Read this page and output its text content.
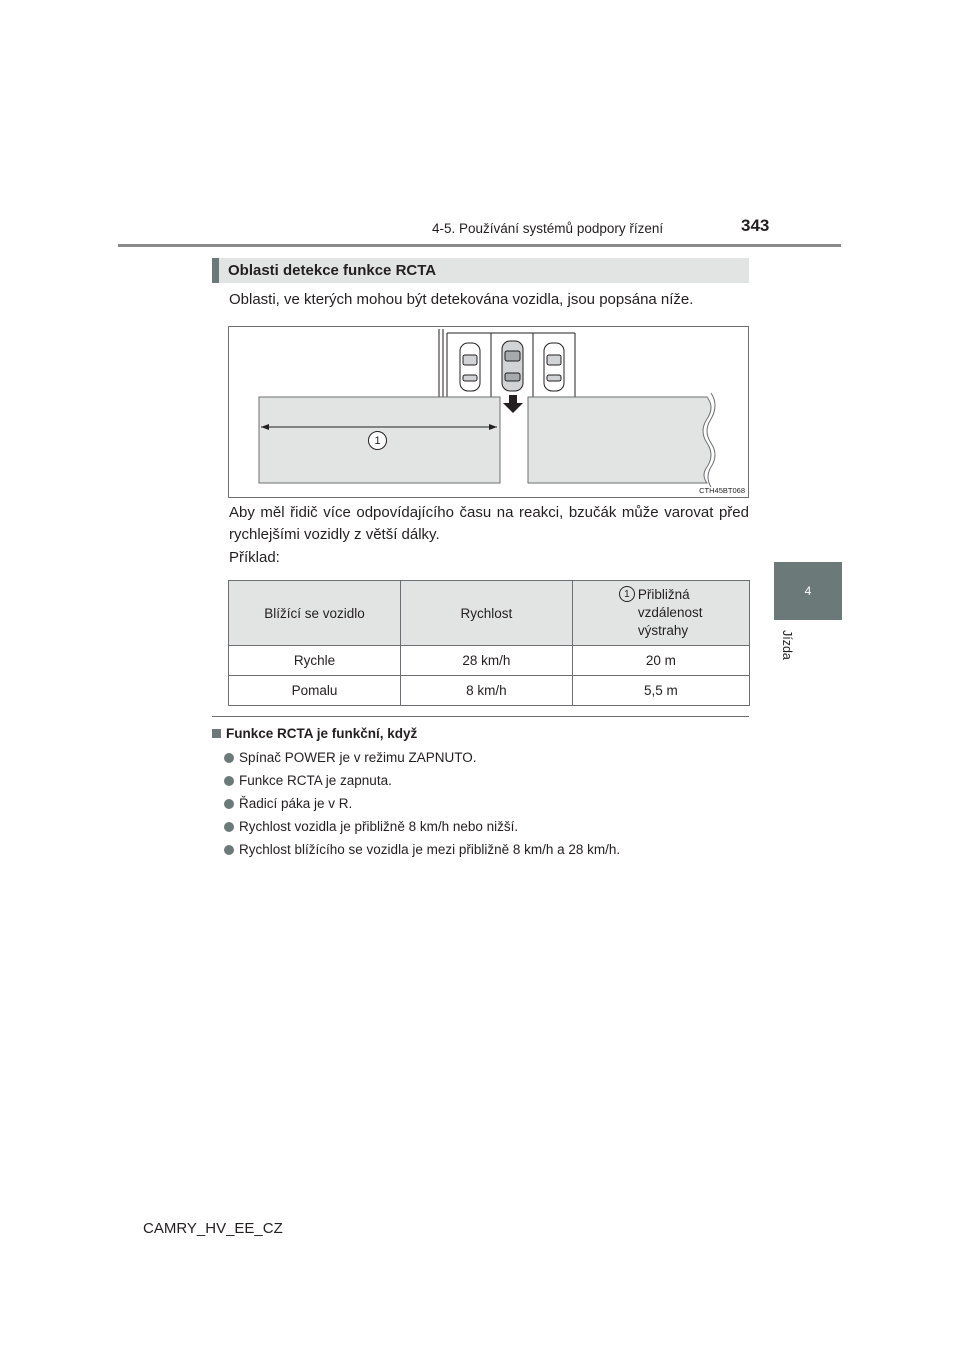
4-5. Používání systémů podpory řízení	343
4
Jízda
Oblasti detekce funkce RCTA
Oblasti, ve kterých mohou být detekována vozidla, jsou popsána níže.
1
CTH45BT068
Aby měl řidič více odpovídajícího času na reakci, bzučák může varovat před rychlejšími vozidly z větší dálky.
Příklad:
Blížící se vozidlo	Rychlost	1 Přibližná vzdálenost výstrahy

Rychle	28 km/h	20 m
Pomalu	8 km/h	5,5 m
Funkce RCTA je funkční, když
Spínač POWER je v režimu ZAPNUTO.
Funkce RCTA je zapnuta.
Řadicí páka je v R.
Rychlost vozidla je přibližně 8 km/h nebo nižší.
Rychlost blížícího se vozidla je mezi přibližně 8 km/h a 28 km/h.
CAMRY_HV_EE_CZ
